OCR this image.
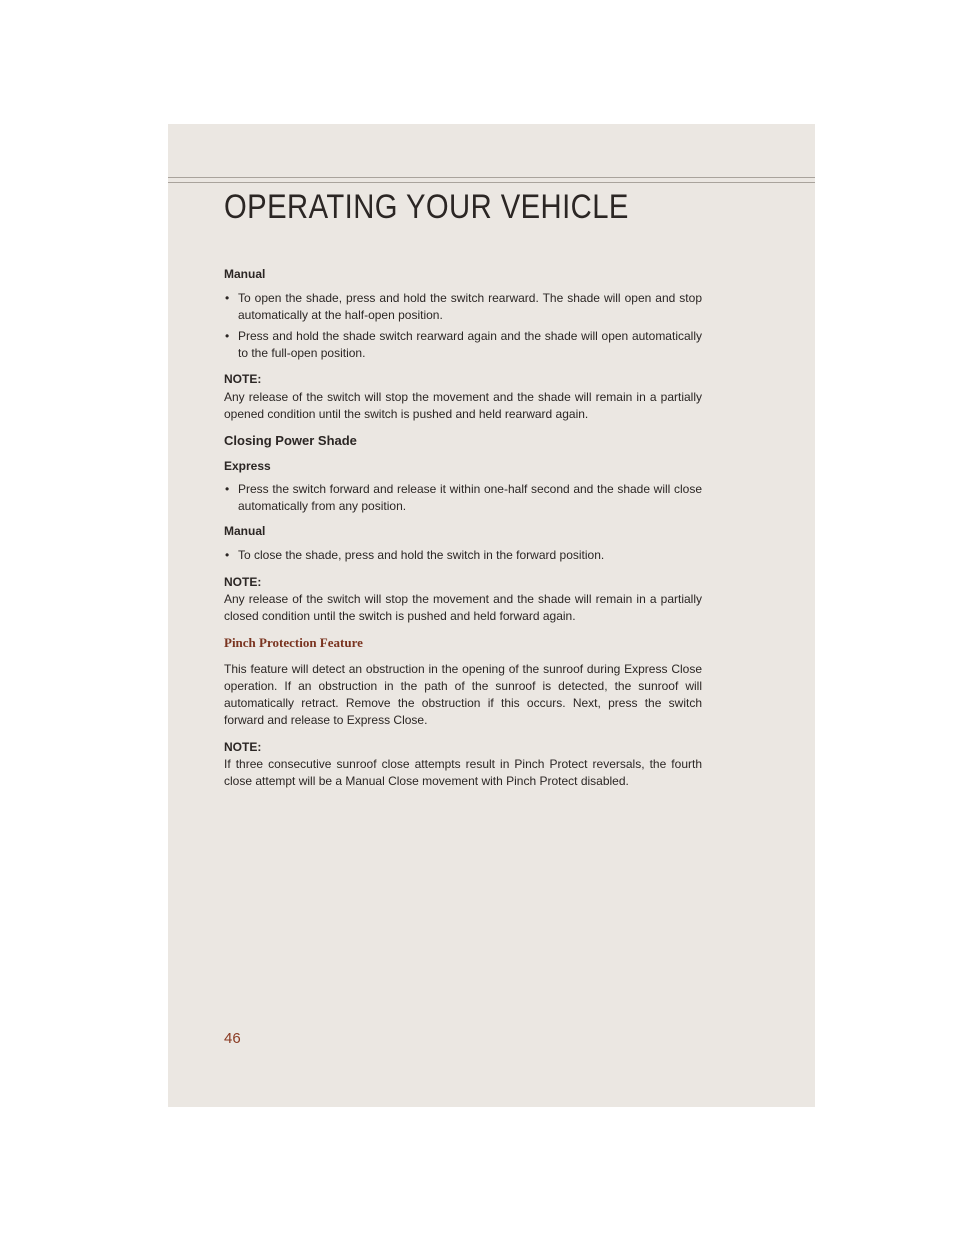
OPERATING YOUR VEHICLE
Manual
• To open the shade, press and hold the switch rearward. The shade will open and stop automatically at the half-open position.
• Press and hold the shade switch rearward again and the shade will open automatically to the full-open position.
NOTE:
Any release of the switch will stop the movement and the shade will remain in a partially opened condition until the switch is pushed and held rearward again.
Closing Power Shade
Express
• Press the switch forward and release it within one-half second and the shade will close automatically from any position.
Manual
• To close the shade, press and hold the switch in the forward position.
NOTE:
Any release of the switch will stop the movement and the shade will remain in a partially closed condition until the switch is pushed and held forward again.
Pinch Protection Feature
This feature will detect an obstruction in the opening of the sunroof during Express Close operation. If an obstruction in the path of the sunroof is detected, the sunroof will automatically retract. Remove the obstruction if this occurs. Next, press the switch forward and release to Express Close.
NOTE:
If three consecutive sunroof close attempts result in Pinch Protect reversals, the fourth close attempt will be a Manual Close movement with Pinch Protect disabled.
46
